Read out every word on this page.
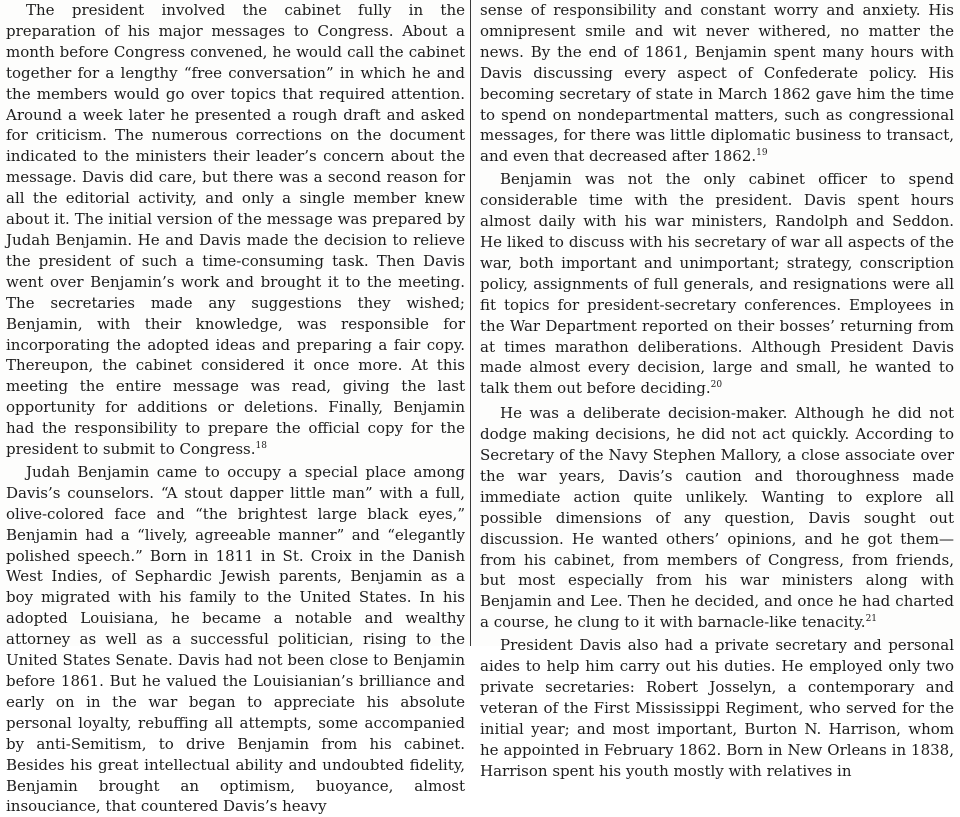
The president involved the cabinet fully in the preparation of his major messages to Congress. About a month before Congress convened, he would call the cabinet together for a lengthy “free conversation” in which he and the members would go over topics that required attention. Around a week later he presented a rough draft and asked for criticism. The numerous corrections on the document indicated to the ministers their leader’s concern about the message. Davis did care, but there was a second reason for all the editorial activity, and only a single member knew about it. The initial version of the message was prepared by Judah Benjamin. He and Davis made the decision to relieve the president of such a time-consuming task. Then Davis went over Benjamin’s work and brought it to the meeting. The secretaries made any suggestions they wished; Benjamin, with their knowledge, was responsible for incorporating the adopted ideas and preparing a fair copy. Thereupon, the cabinet considered it once more. At this meeting the entire message was read, giving the last opportunity for additions or deletions. Finally, Benjamin had the responsibility to prepare the official copy for the president to submit to Congress.$^{18}$

Judah Benjamin came to occupy a special place among Davis’s counselors. “A stout dapper little man” with a full, olive-colored face and “the brightest large black eyes,” Benjamin had a “lively, agreeable manner” and “elegantly polished speech.” Born in 1811 in St. Croix in the Danish West Indies, of Sephardic Jewish parents, Benjamin as a boy migrated with his family to the United States. In his adopted Louisiana, he became a notable and wealthy attorney as well as a successful politician, rising to the United States Senate. Davis had not been close to Benjamin before 1861. But he valued the Louisianian’s brilliance and early on in the war began to appreciate his absolute personal loyalty, rebuffing all attempts, some accompanied by anti-Semitism, to drive Benjamin from his cabinet. Besides his great intellectual ability and undoubted fidelity, Benjamin brought an optimism, buoyance, almost insouciance, that countered Davis’s heavy

sense of responsibility and constant worry and anxiety. His omnipresent smile and wit never withered, no matter the news. By the end of 1861, Benjamin spent many hours with Davis discussing every aspect of Confederate policy. His becoming secretary of state in March 1862 gave him the time to spend on nondepartmental matters, such as congressional messages, for there was little diplomatic business to transact, and even that decreased after 1862.19

Benjamin was not the only cabinet officer to spend considerable time with the president. Davis spent hours almost daily with his war ministers, Randolph and Seddon. He liked to discuss with his secretary of war all aspects of the war, both important and unimportant; strategy, conscription policy, assignments of full generals, and resignations were all fit topics for president-secretary conferences. Employees in the War Department reported on their bosses’ returning from at times marathon deliberations. Although President Davis made almost every decision, large and small, he wanted to talk them out before deciding.$^{20}$

He was a deliberate decision-maker. Although he did not dodge making decisions, he did not act quickly. According to Secretary of the Navy Stephen Mallory, a close associate over the war years, Davis’s caution and thoroughness made immediate action quite unlikely. Wanting to explore all possible dimensions of any question, Davis sought out discussion. He wanted others’ opinions, and he got them—from his cabinet, from members of Congress, from friends, but most especially from his war ministers along with Benjamin and Lee. Then he decided, and once he had charted a course, he clung to it with barnacle-like tenacity.$^{21}$

President Davis also had a private secretary and personal aides to help him carry out his duties. He employed only two private secretaries: Robert Josselyn, a contemporary and veteran of the First Mississippi Regiment, who served for the initial year; and most important, Burton N. Harrison, whom he appointed in February 1862. Born in New Orleans in 1838, Harrison spent his youth mostly with relatives in
